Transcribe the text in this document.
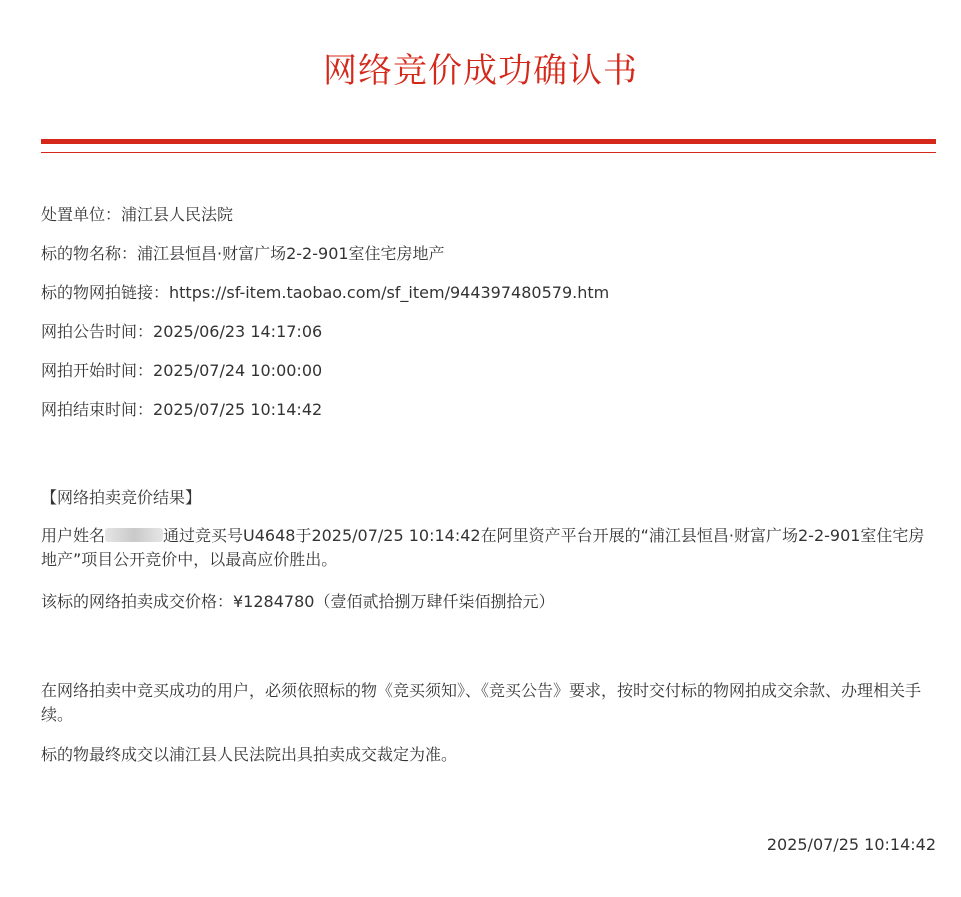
网络竞价成功确认书

处置单位：浦江县人民法院

标的物名称：浦江县恒昌·财富广场2-2-901室住宅房地产

标的物网拍链接：https://sf-item.taobao.com/sf_item/944397480579.htm

网拍公告时间：2025/06/23 14:17:06

网拍开始时间：2025/07/24 10:00:00

网拍结束时间：2025/07/25 10:14:42

【网络拍卖竞价结果】
用户姓名	通过竞买号U4648于2025/07/25 10:14:42在阿里资产平台开展的“浦江县恒昌·财富广场2-2-901室住宅房地产”项目公开竞价中，以最高应价胜出。
该标的网络拍卖成交价格：¥1284780（壹佰贰拾捌万肆仟柒佰捌拾元）
在网络拍卖中竞买成功的用户，必须依照标的物《竞买须知》、《竞买公告》要求，按时交付标的物网拍成交余款、办理相关手续。
标的物最终成交以浦江县人民法院出具拍卖成交裁定为准。
2025/07/25 10:14:42
